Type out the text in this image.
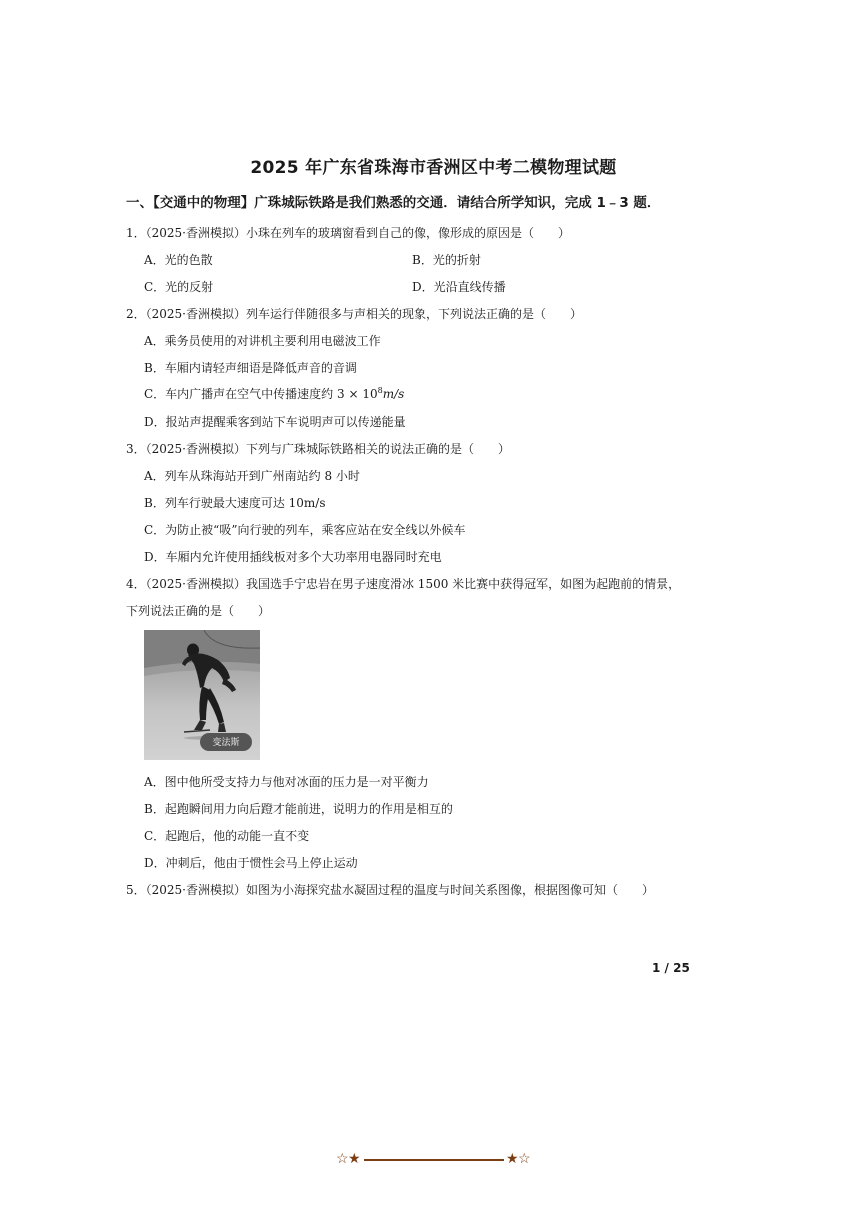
2025 年广东省珠海市香洲区中考二模物理试题
一、【交通中的物理】广珠城际铁路是我们熟悉的交通．请结合所学知识，完成 1﹣3 题．
1．（2025·香洲模拟）小珠在列车的玻璃窗看到自己的像，像形成的原因是（　　）
A．光的色散	B．光的折射
C．光的反射	D．光沿直线传播
2．（2025·香洲模拟）列车运行伴随很多与声相关的现象，下列说法正确的是（　　）
A．乘务员使用的对讲机主要利用电磁波工作
B．车厢内请轻声细语是降低声音的音调
C．车内广播声在空气中传播速度约 $3 \times 10^8m/s$
D．报站声提醒乘客到站下车说明声可以传递能量
3．（2025·香洲模拟）下列与广珠城际铁路相关的说法正确的是（　　）
A．列车从珠海站开到广州南站约 8 小时
B．列车行驶最大速度可达 10m/s
C．为防止被“吸”向行驶的列车，乘客应站在安全线以外候车
D．车厢内允许使用插线板对多个大功率用电器同时充电
4．（2025·香洲模拟）我国选手宁忠岩在男子速度滑冰 1500 米比赛中获得冠军，如图为起跑前的情景，
下列说法正确的是（　　）
变法斯
A．图中他所受支持力与他对冰面的压力是一对平衡力
B．起跑瞬间用力向后蹬才能前进，说明力的作用是相互的
C．起跑后，他的动能一直不变
D．冲刺后，他由于惯性会马上停止运动
5．（2025·香洲模拟）如图为小海探究盐水凝固过程的温度与时间关系图像，根据图像可知（　　）
1 / 25
☆ ★	★ ☆
